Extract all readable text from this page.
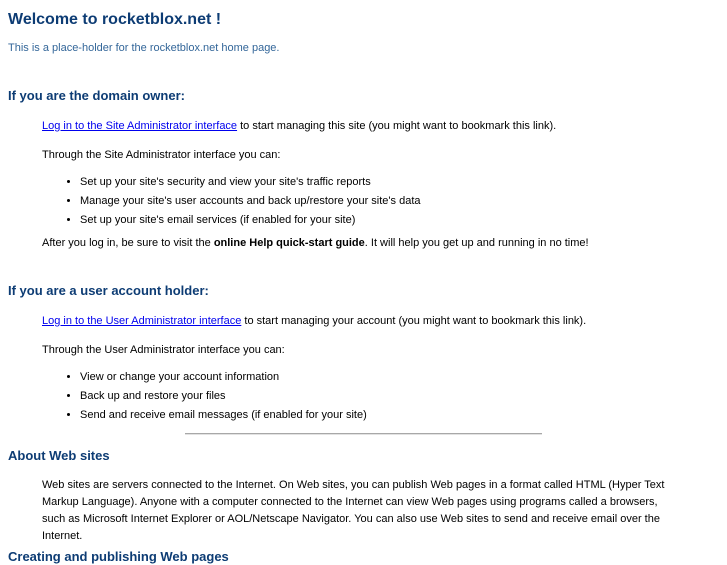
Welcome to rocketblox.net !

This is a place-holder for the rocketblox.net home page.

If you are the domain owner:

Log in to the Site Administrator interface to start managing this site (you might want to bookmark this link).

Through the Site Administrator interface you can:

• Set up your site's security and view your site's traffic reports
• Manage your site's user accounts and back up/restore your site's data
• Set up your site's email services (if enabled for your site)

After you log in, be sure to visit the online Help quick-start guide. It will help you get up and running in no time!

If you are a user account holder:

Log in to the User Administrator interface to start managing your account (you might want to bookmark this link).

Through the User Administrator interface you can:

• View or change your account information
• Back up and restore your files
• Send and receive email messages (if enabled for your site)
About Web sites

Web sites are servers connected to the Internet. On Web sites, you can publish Web pages in a format called HTML (Hyper Text Markup Language). Anyone with a computer connected to the Internet can view Web pages using programs called a browsers, such as Microsoft Internet Explorer or AOL/Netscape Navigator. You can also use Web sites to send and receive email over the Internet.

Creating and publishing Web pages
